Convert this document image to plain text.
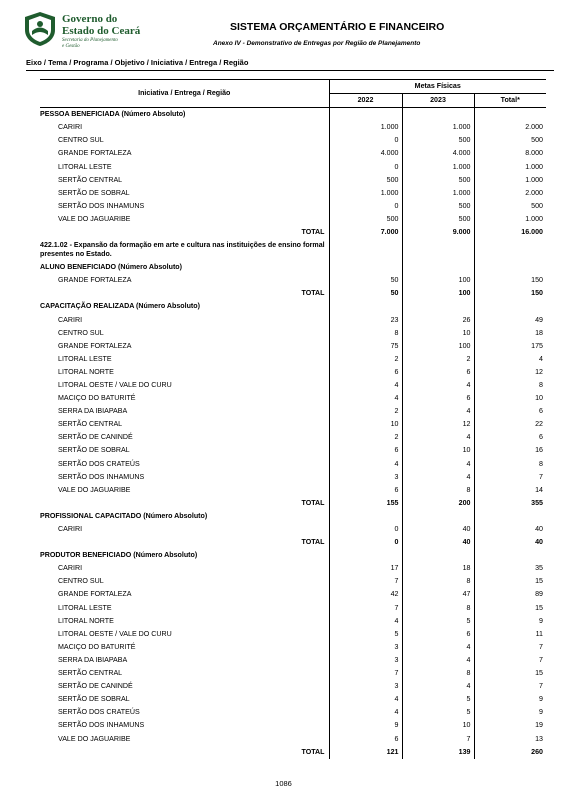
Governo do
Estado do Ceará
Secretaria do Planejamento
e Gestão
SISTEMA ORÇAMENTÁRIO E FINANCEIRO
Anexo IV - Demonstrativo de Entregas por Região de Planejamento
Eixo / Tema / Programa / Objetivo / Iniciativa / Entrega / Região
Iniciativa / Entrega / Região	Metas Físicas		
	2022	2023	Total*
PESSOA BENEFICIADA (Número Absoluto)			
CARIRI	1.000	1.000	2.000
CENTRO SUL	0	500	500
GRANDE FORTALEZA	4.000	4.000	8.000
LITORAL LESTE	0	1.000	1.000
SERTÃO CENTRAL	500	500	1.000
SERTÃO DE SOBRAL	1.000	1.000	2.000
SERTÃO DOS INHAMUNS	0	500	500
VALE DO JAGUARIBE	500	500	1.000
TOTAL	7.000	9.000	16.000
422.1.02 - Expansão da formação em arte e cultura nas instituições de ensino formal presentes no Estado.			
ALUNO BENEFICIADO (Número Absoluto)			
GRANDE FORTALEZA	50	100	150
TOTAL	50	100	150
CAPACITAÇÃO REALIZADA (Número Absoluto)			
CARIRI	23	26	49
CENTRO SUL	8	10	18
GRANDE FORTALEZA	75	100	175
LITORAL LESTE	2	2	4
LITORAL NORTE	6	6	12
LITORAL OESTE / VALE DO CURU	4	4	8
MACIÇO DO BATURITÉ	4	6	10
SERRA DA IBIAPABA	2	4	6
SERTÃO CENTRAL	10	12	22
SERTÃO DE CANINDÉ	2	4	6
SERTÃO DE SOBRAL	6	10	16
SERTÃO DOS CRATEÚS	4	4	8
SERTÃO DOS INHAMUNS	3	4	7
VALE DO JAGUARIBE	6	8	14
TOTAL	155	200	355
PROFISSIONAL CAPACITADO (Número Absoluto)			
CARIRI	0	40	40
TOTAL	0	40	40
PRODUTOR BENEFICIADO (Número Absoluto)			
CARIRI	17	18	35
CENTRO SUL	7	8	15
GRANDE FORTALEZA	42	47	89
LITORAL LESTE	7	8	15
LITORAL NORTE	4	5	9
LITORAL OESTE / VALE DO CURU	5	6	11
MACIÇO DO BATURITÉ	3	4	7
SERRA DA IBIAPABA	3	4	7
SERTÃO CENTRAL	7	8	15
SERTÃO DE CANINDÉ	3	4	7
SERTÃO DE SOBRAL	4	5	9
SERTÃO DOS CRATEÚS	4	5	9
SERTÃO DOS INHAMUNS	9	10	19
VALE DO JAGUARIBE	6	7	13
TOTAL	121	139	260
1086
